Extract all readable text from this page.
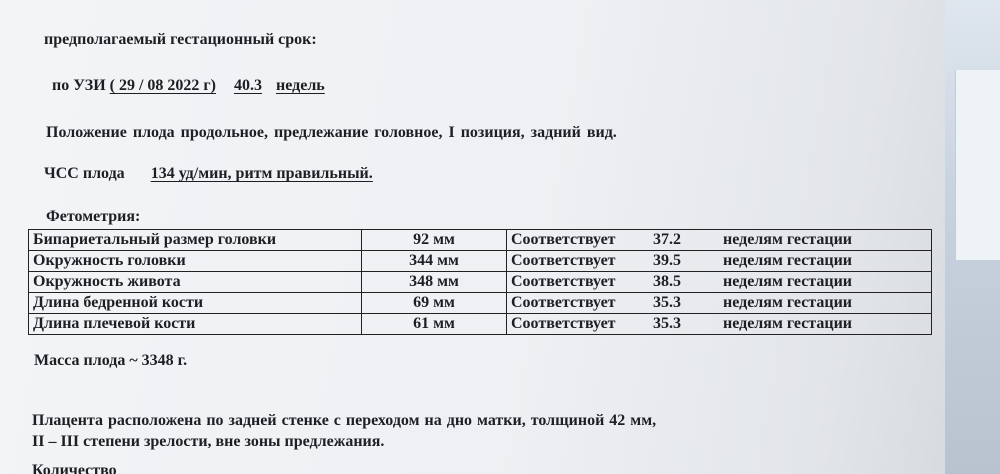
предполагаемый гестационный срок:
по УЗИ ( 29 / 08 2022 г) 40.3 недель
Положение плода продольное, предлежание головное, I позиция, задний вид.
ЧСС плода 134 уд/мин, ритм правильный.
Фетометрия:
Бипариетальный размер головки	92 мм	Соответствует 37.2 неделям гестации
Окружность головки	344 мм	Соответствует 39.5 неделям гестации
Окружность живота	348 мм	Соответствует 38.5 неделям гестации
Длина бедренной кости	69 мм	Соответствует 35.3 неделям гестации
Длина плечевой кости	61 мм	Соответствует 35.3 неделям гестации
Масса плода ~ 3348 г.
Плацента расположена по задней стенке с переходом на дно матки, толщиной 42 мм,
II – III степени зрелости, вне зоны предлежания.
Количество
